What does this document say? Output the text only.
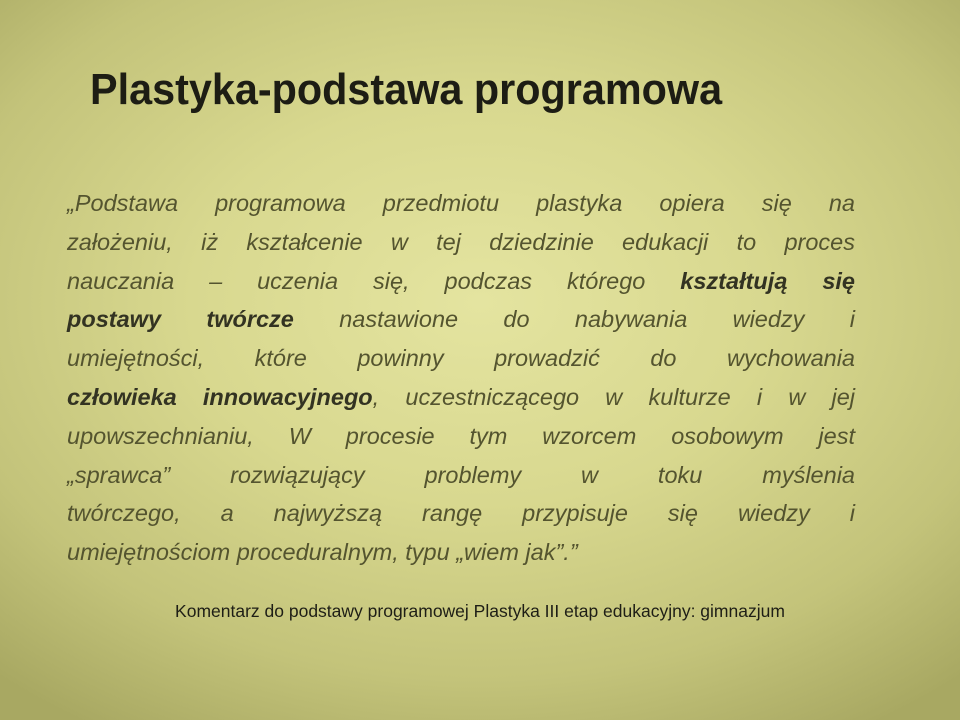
Plastyka-podstawa programowa
„Podstawa programowa przedmiotu plastyka opiera się na
założeniu, iż kształcenie w tej dziedzinie edukacji to proces
nauczania – uczenia się, podczas którego kształtują się
postawy twórcze nastawione do nabywania wiedzy i
umiejętności, które powinny prowadzić do wychowania
człowieka innowacyjnego, uczestniczącego w kulturze i w jej
upowszechnianiu, W procesie tym wzorcem osobowym jest
„sprawca” rozwiązujący problemy w toku myślenia
twórczego, a najwyższą rangę przypisuje się wiedzy i
umiejętnościom proceduralnym, typu „wiem jak”.”
Komentarz do podstawy programowej Plastyka III etap edukacyjny: gimnazjum
